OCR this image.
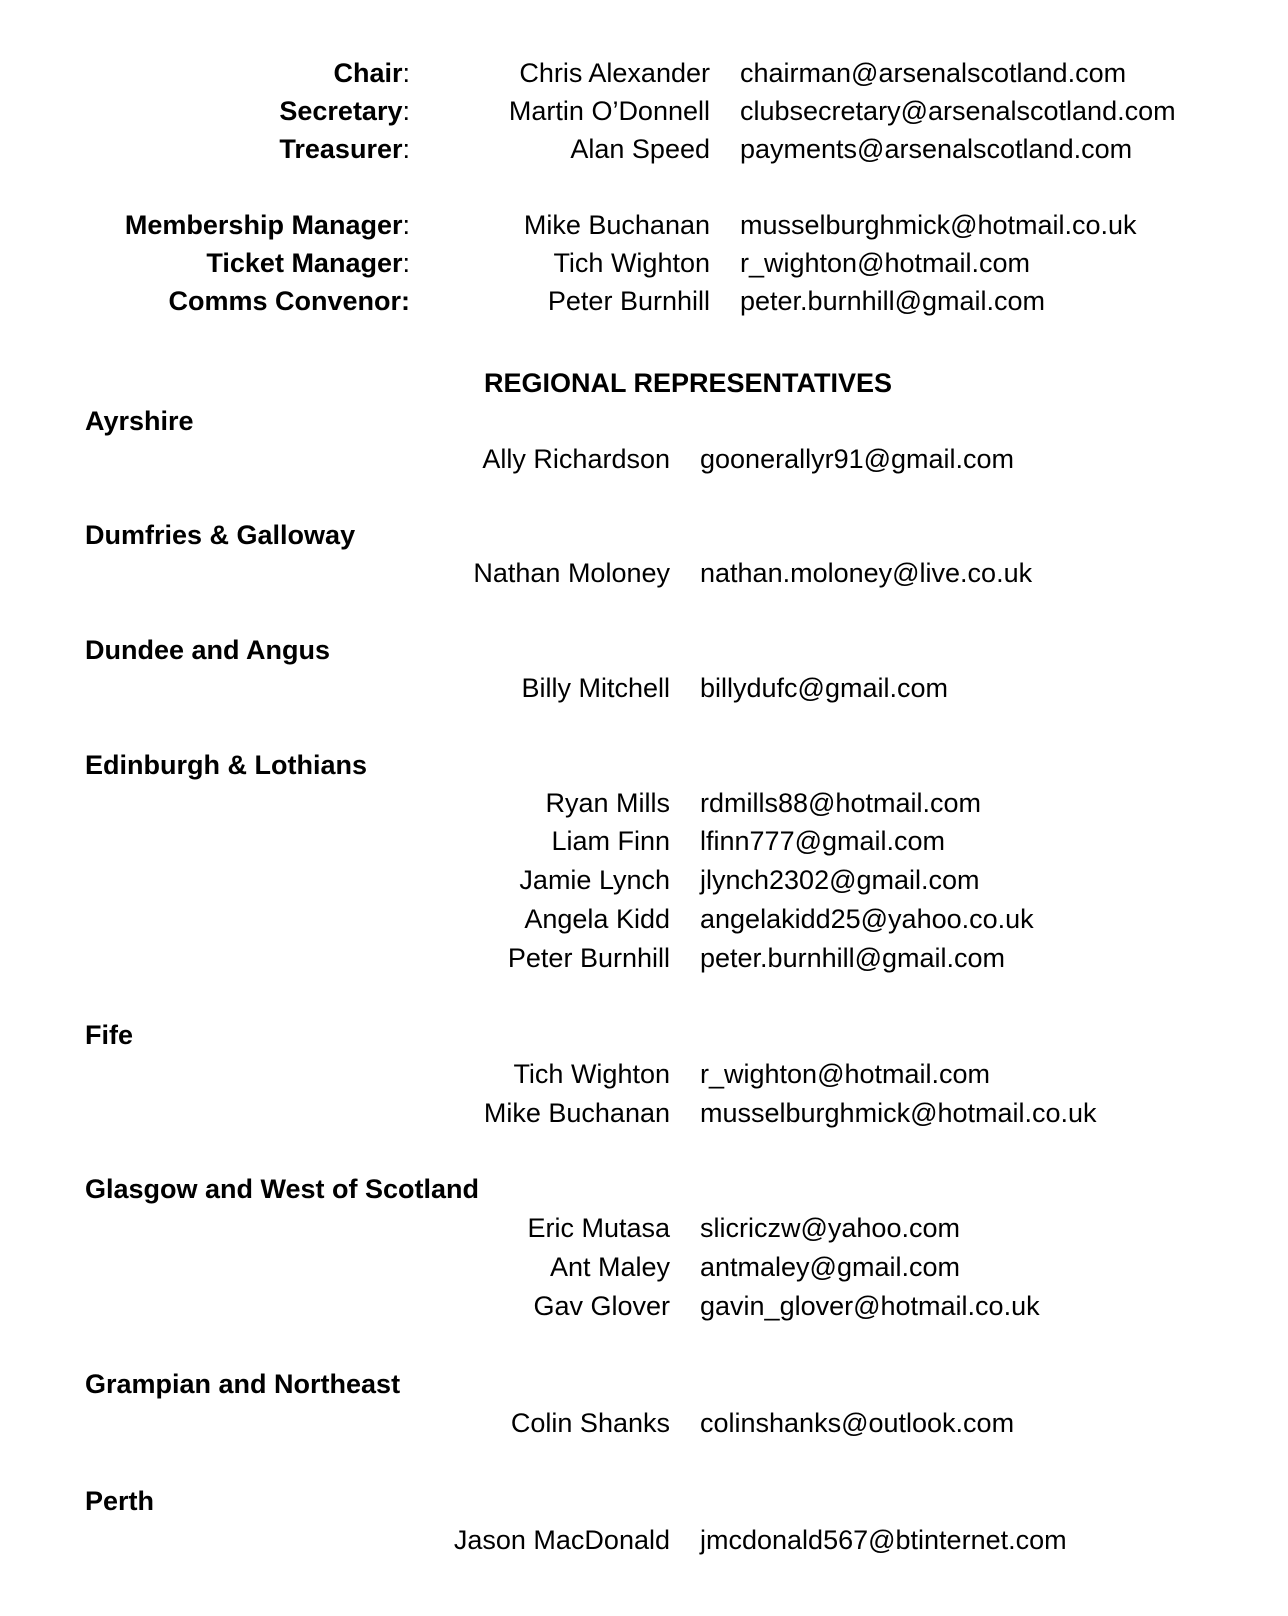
Chair:	Chris Alexander chairman@arsenalscotland.com
Secretary:	Martin O’Donnell clubsecretary@arsenalscotland.com
Treasurer:	Alan Speed payments@arsenalscotland.com
Membership Manager:	Mike Buchanan musselburghmick@hotmail.co.uk
Ticket Manager:	Tich Wighton r_wighton@hotmail.com
Comms Convenor:	Peter Burnhill peter.burnhill@gmail.com
REGIONAL REPRESENTATIVES
Ayrshire
Ally Richardson goonerallyr91@gmail.com
Dumfries & Galloway
Nathan Moloney nathan.moloney@live.co.uk
Dundee and Angus
Billy Mitchell billydufc@gmail.com
Edinburgh & Lothians
Ryan Mills rdmills88@hotmail.com
Liam Finn lfinn777@gmail.com
Jamie Lynch jlynch2302@gmail.com
Angela Kidd angelakidd25@yahoo.co.uk
Peter Burnhill peter.burnhill@gmail.com
Fife
Tich Wighton r_wighton@hotmail.com
Mike Buchanan musselburghmick@hotmail.co.uk
Glasgow and West of Scotland
Eric Mutasa slicriczw@yahoo.com
Ant Maley antmaley@gmail.com
Gav Glover gavin_glover@hotmail.co.uk
Grampian and Northeast
Colin Shanks colinshanks@outlook.com
Perth
Jason MacDonald jmcdonald567@btinternet.com
